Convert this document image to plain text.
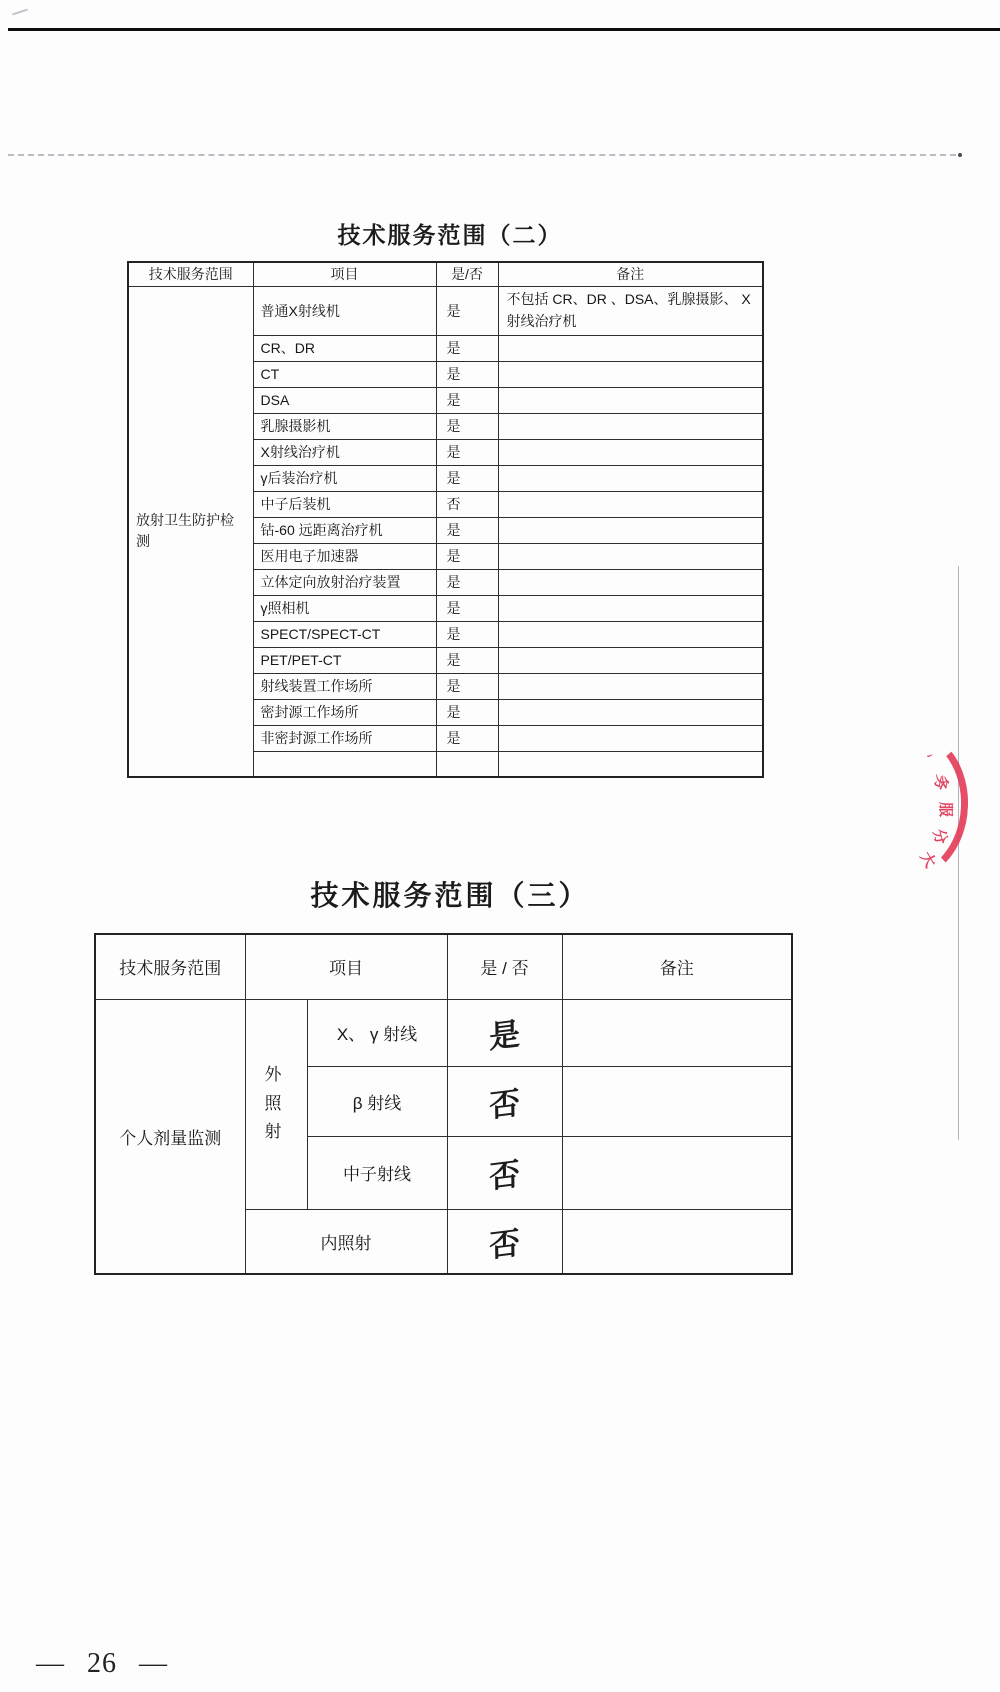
技术服务范围（二）
技术服务范围	项目	是/否	备注
放射卫生防护检测	普通X射线机	是	不包括 CR、DR 、DSA、乳腺摄影、 X 射线治疗机
	CR、DR	是	
	CT	是	
	DSA	是	
	乳腺摄影机	是	
	X射线治疗机	是	
	γ后装治疗机	是	
	中子后装机	否	
	钴-60 远距离治疗机	是	
	医用电子加速器	是	
	立体定向放射治疗装置	是	
	γ照相机	是	
	SPECT/SPECT-CT	是	
	PET/PET-CT	是	
	射线装置工作场所	是	
	密封源工作场所	是	
	非密封源工作场所	是	

丶
务
服
分
大
技术服务范围（三）
技术服务范围	项目		是 / 否	备注
个人剂量监测	外 照 射	X、 γ 射线	是	
		β 射线	否	
		中子射线	否	
	内照射		否	
— 26 —
